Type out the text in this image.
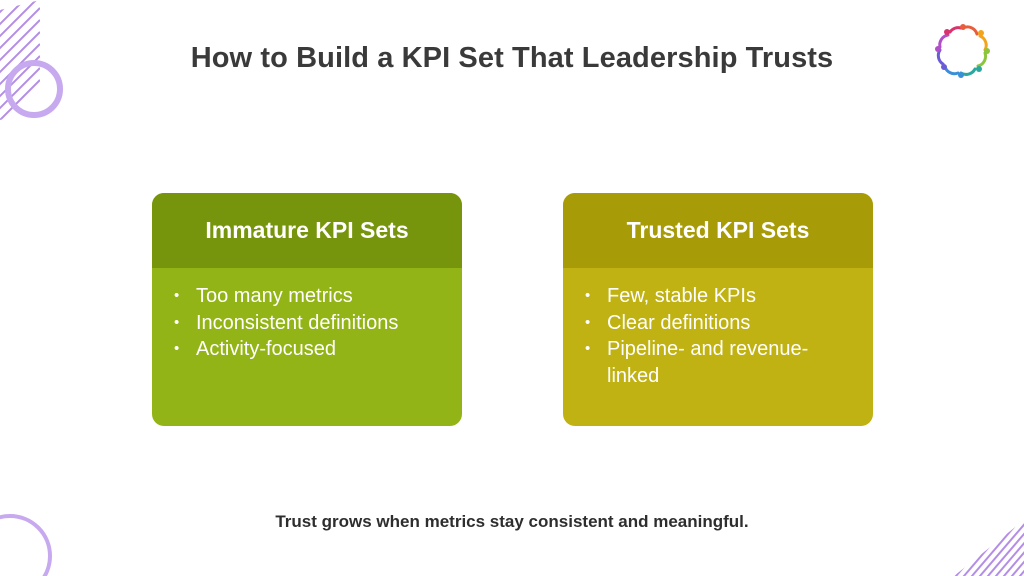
How to Build a KPI Set That Leadership Trusts
Immature KPI Sets
• Too many metrics
• Inconsistent definitions
• Activity-focused
Trusted KPI Sets
• Few, stable KPIs
• Clear definitions
• Pipeline- and revenue-linked
Trust grows when metrics stay consistent and meaningful.
